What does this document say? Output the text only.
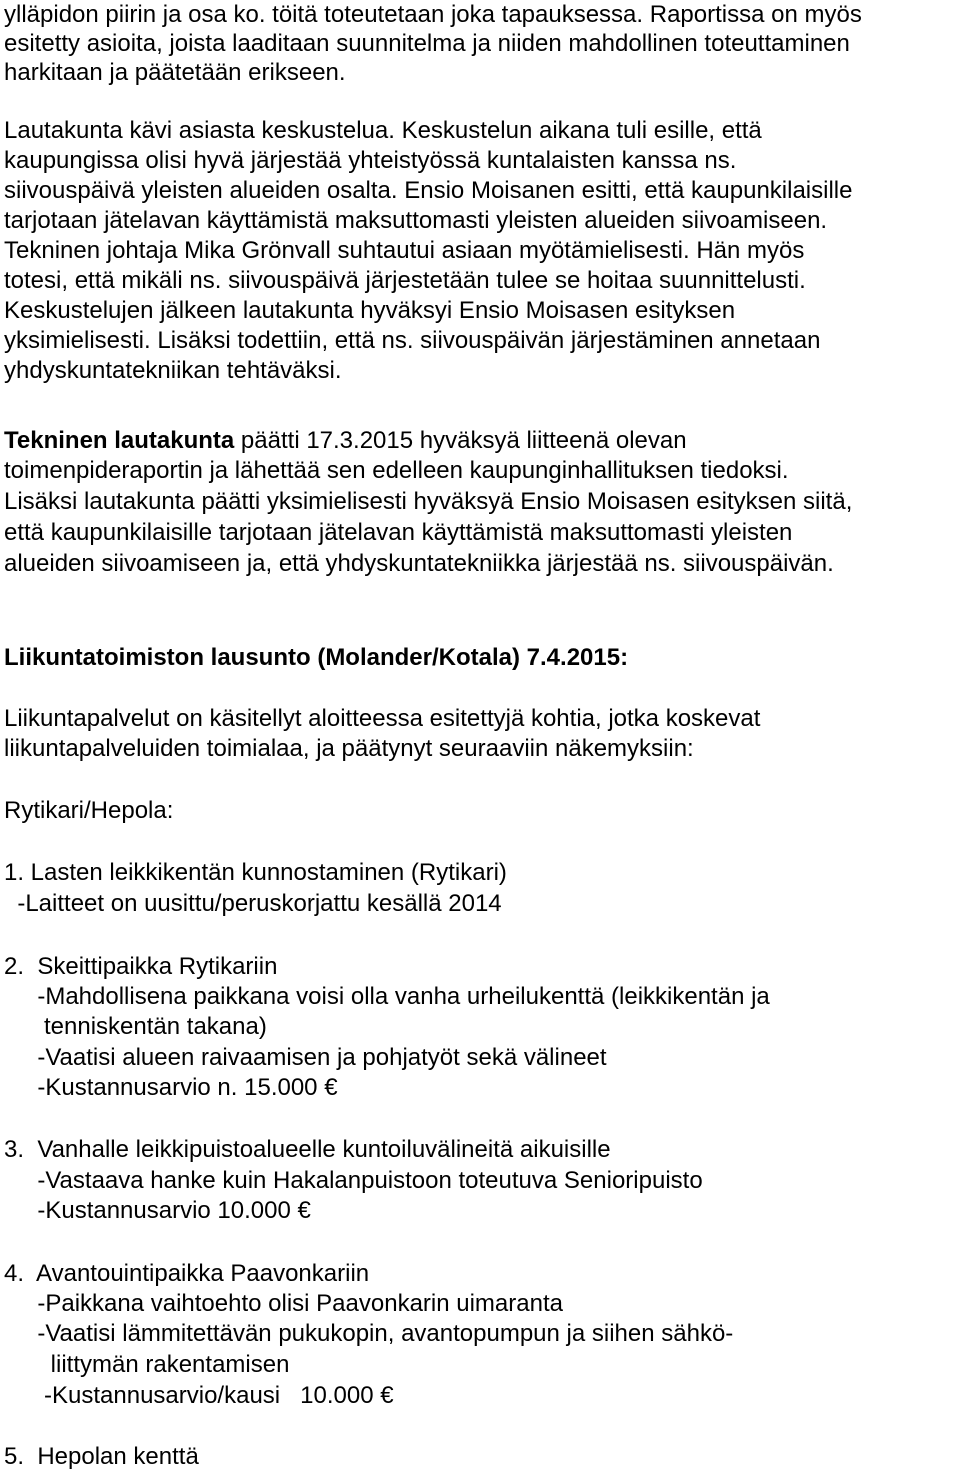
ylläpidon piirin ja osa ko. töitä toteutetaan joka tapauksessa. Raportissa on myös
esitetty asioita, joista laaditaan suunnitelma ja niiden mahdollinen toteuttaminen
harkitaan ja päätetään erikseen.
Lautakunta kävi asiasta keskustelua. Keskustelun aikana tuli esille, että
kaupungissa olisi hyvä järjestää yhteistyössä kuntalaisten kanssa ns.
siivouspäivä yleisten alueiden osalta. Ensio Moisanen esitti, että kaupunkilaisille
tarjotaan jätelavan käyttämistä maksuttomasti yleisten alueiden siivoamiseen.
Tekninen johtaja Mika Grönvall suhtautui asiaan myötämielisesti. Hän myös
totesi, että mikäli ns. siivouspäivä järjestetään tulee se hoitaa suunnittelusti.
Keskustelujen jälkeen lautakunta hyväksyi Ensio Moisasen esityksen
yksimielisesti. Lisäksi todettiin, että ns. siivouspäivän järjestäminen annetaan
yhdyskuntatekniikan tehtäväksi.
Tekninen lautakunta päätti 17.3.2015 hyväksyä liitteenä olevan
toimenpideraportin ja lähettää sen edelleen kaupunginhallituksen tiedoksi.
Lisäksi lautakunta päätti yksimielisesti hyväksyä Ensio Moisasen esityksen siitä,
että kaupunkilaisille tarjotaan jätelavan käyttämistä maksuttomasti yleisten
alueiden siivoamiseen ja, että yhdyskuntatekniikka järjestää ns. siivouspäivän.
Liikuntatoimiston lausunto (Molander/Kotala) 7.4.2015:
Liikuntapalvelut on käsitellyt aloitteessa esitettyjä kohtia, jotka koskevat
liikuntapalveluiden toimialaa, ja päätynyt seuraaviin näkemyksiin:
Rytikari/Hepola:
1. Lasten leikkikentän kunnostaminen (Rytikari)
-Laitteet on uusittu/peruskorjattu kesällä 2014
2.  Skeittipaikka Rytikariin
-Mahdollisena paikkana voisi olla vanha urheilukenttä (leikkikentän ja
tenniskentän takana)
-Vaatisi alueen raivaamisen ja pohjatyöt sekä välineet
-Kustannusarvio n. 15.000 €
3.  Vanhalle leikkipuistoalueelle kuntoiluvälineitä aikuisille
-Vastaava hanke kuin Hakalanpuistoon toteutuva Senioripuisto
-Kustannusarvio 10.000 €
4.  Avantouintipaikka Paavonkariin
-Paikkana vaihtoehto olisi Paavonkarin uimaranta
-Vaatisi lämmitettävän pukukopin, avantopumpun ja siihen sähkö-
liittymän rakentamisen
-Kustannusarvio/kausi   10.000 €
5.  Hepolan kenttä
